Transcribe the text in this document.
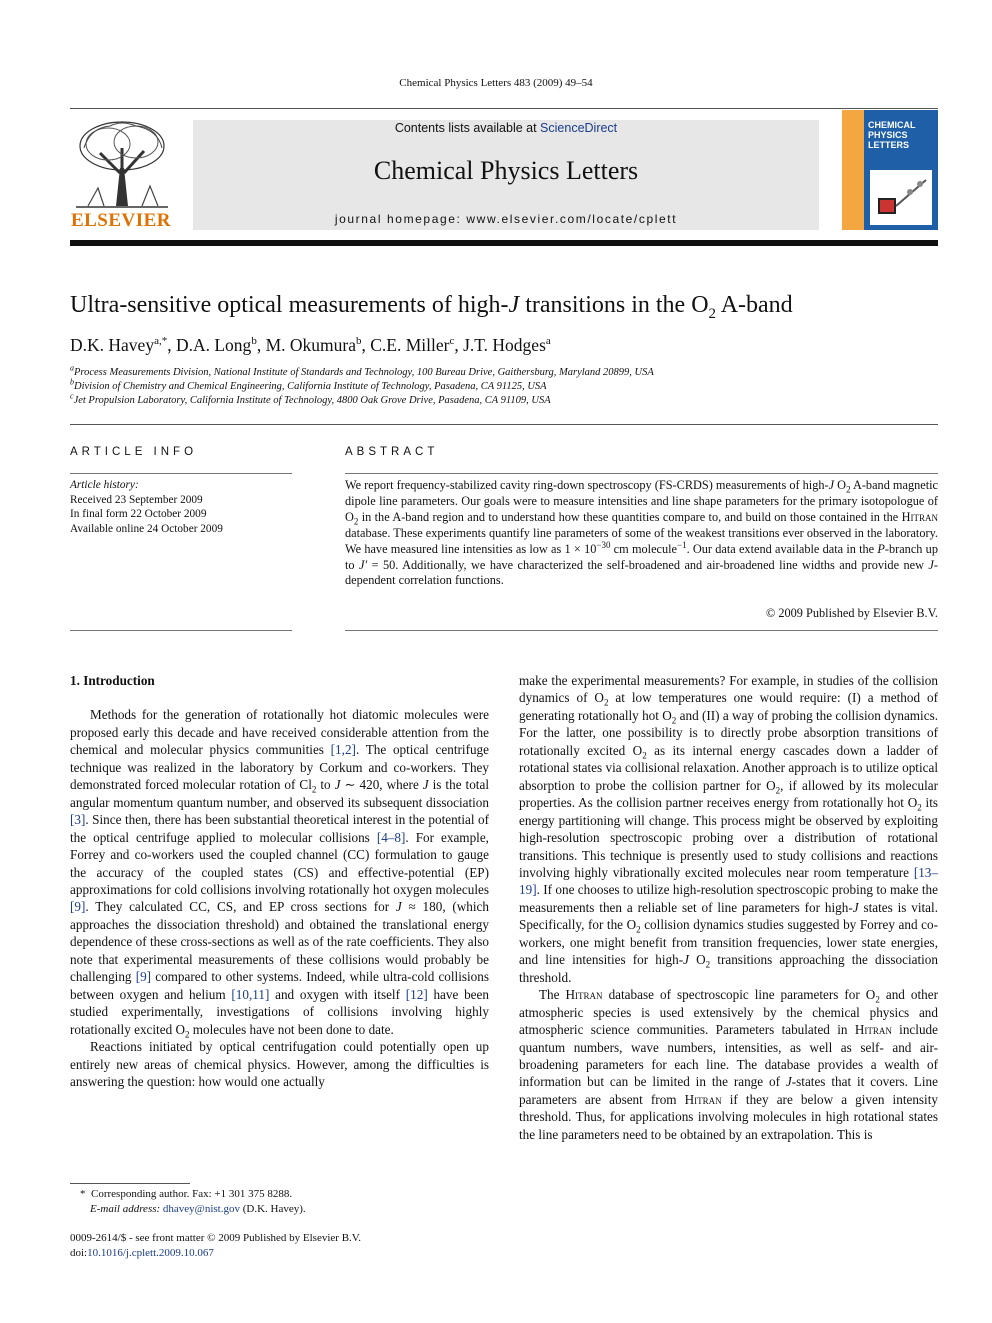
Chemical Physics Letters 483 (2009) 49–54
ELSEVIER
Contents lists available at ScienceDirect
Chemical Physics Letters
journal homepage: www.elsevier.com/locate/cplett
CHEMICAL PHYSICS LETTERS
Ultra-sensitive optical measurements of high-J transitions in the $O_2$ A-band
D.K. Havey$^{a,*}$, D.A. Long$^b$, M. Okumura$^b$, C.E. Miller$^c$, J.T. Hodges$^a$
$^a$Process Measurements Division, National Institute of Standards and Technology, 100 Bureau Drive, Gaithersburg, Maryland 20899, USA
$^b$Division of Chemistry and Chemical Engineering, California Institute of Technology, Pasadena, CA 91125, USA
$^c$Jet Propulsion Laboratory, California Institute of Technology, 4800 Oak Grove Drive, Pasadena, CA 91109, USA
ARTICLE INFO
Article history:
Received 23 September 2009
In final form 22 October 2009
Available online 24 October 2009
ABSTRACT
We report frequency-stabilized cavity ring-down spectroscopy (FS-CRDS) measurements of high-J $O_2$ A-band magnetic dipole line parameters. Our goals were to measure intensities and line shape parameters for the primary isotopologue of $O_2$ in the A-band region and to understand how these quantities compare to, and build on those contained in the Hitran database. These experiments quantify line parameters of some of the weakest transitions ever observed in the laboratory. We have measured line intensities as low as $1 \times 10^{-30}$ cm molecule$^{-1}$. Our data extend available data in the P-branch up to J′ = 50. Additionally, we have characterized the self-broadened and air-broadened line widths and provide new J-dependent correlation functions.
© 2009 Published by Elsevier B.V.

1. Introduction

Methods for the generation of rotationally hot diatomic molecules were proposed early this decade and have received considerable attention from the chemical and molecular physics communities [1,2]. The optical centrifuge technique was realized in the laboratory by Corkum and co-workers. They demonstrated forced molecular rotation of $Cl_2$ to J ∼ 420, where J is the total angular momentum quantum number, and observed its subsequent dissociation [3]. Since then, there has been substantial theoretical interest in the potential of the optical centrifuge applied to molecular collisions [4–8]. For example, Forrey and co-workers used the coupled channel (CC) formulation to gauge the accuracy of the coupled states (CS) and effective-potential (EP) approximations for cold collisions involving rotationally hot oxygen molecules [9]. They calculated CC, CS, and EP cross sections for J ≈ 180, (which approaches the dissociation threshold) and obtained the translational energy dependence of these cross-sections as well as of the rate coefficients. They also note that experimental measurements of these collisions would probably be challenging [9] compared to other systems. Indeed, while ultra-cold collisions between oxygen and helium [10,11] and oxygen with itself [12] have been studied experimentally, investigations of collisions involving highly rotationally excited $O_2$ molecules have not been done to date.

Reactions initiated by optical centrifugation could potentially open up entirely new areas of chemical physics. However, among the difficulties is answering the question: how would one actually

make the experimental measurements? For example, in studies of the collision dynamics of $O_2$ at low temperatures one would require: (I) a method of generating rotationally hot $O_2$ and (II) a way of probing the collision dynamics. For the latter, one possibility is to directly probe absorption transitions of rotationally excited $O_2$ as its internal energy cascades down a ladder of rotational states via collisional relaxation. Another approach is to utilize optical absorption to probe the collision partner for $O_2$, if allowed by its molecular properties. As the collision partner receives energy from rotationally hot $O_2$ its energy partitioning will change. This process might be observed by exploiting high-resolution spectroscopic probing over a distribution of rotational transitions. This technique is presently used to study collisions and reactions involving highly vibrationally excited molecules near room temperature [13–19]. If one chooses to utilize high-resolution spectroscopic probing to make the measurements then a reliable set of line parameters for high-J states is vital. Specifically, for the $O_2$ collision dynamics studies suggested by Forrey and co-workers, one might benefit from transition frequencies, lower state energies, and line intensities for high-J $O_2$ transitions approaching the dissociation threshold.

The Hitran database of spectroscopic line parameters for $O_2$ and other atmospheric species is used extensively by the chemical physics and atmospheric science communities. Parameters tabulated in Hitran include quantum numbers, wave numbers, intensities, as well as self- and air-broadening parameters for each line. The database provides a wealth of information but can be limited in the range of J-states that it covers. Line parameters are absent from Hitran if they are below a given intensity threshold. Thus, for applications involving molecules in high rotational states the line parameters need to be obtained by an extrapolation. This is

* Corresponding author. Fax: +1 301 375 8288.
E-mail address: dhavey@nist.gov (D.K. Havey).
0009-2614/$ - see front matter © 2009 Published by Elsevier B.V.
doi:10.1016/j.cplett.2009.10.067
